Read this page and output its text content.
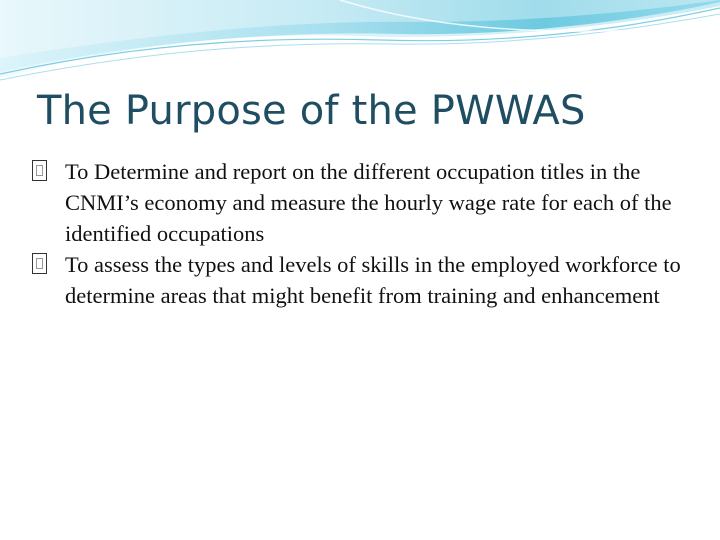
The Purpose of the PWWAS
To Determine and report on the different occupation titles in the CNMI’s economy and measure the hourly wage rate for each of the identified occupations
To assess the types and levels of skills in the employed workforce to determine areas that might benefit from training and enhancement
